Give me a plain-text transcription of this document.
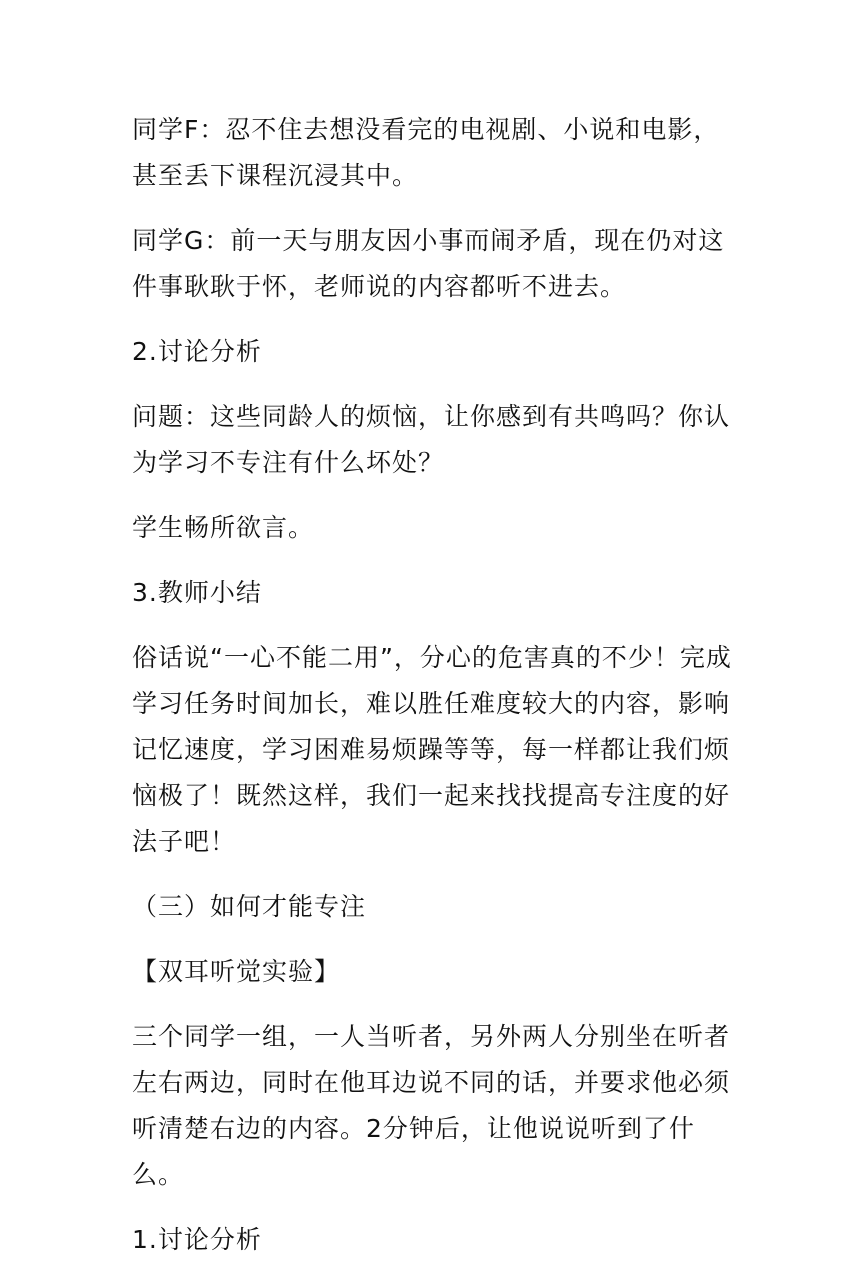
同学F：忍不住去想没看完的电视剧、小说和电影，甚至丢下课程沉浸其中。

同学G：前一天与朋友因小事而闹矛盾，现在仍对这件事耿耿于怀，老师说的内容都听不进去。

2.讨论分析

问题：这些同龄人的烦恼，让你感到有共鸣吗？你认为学习不专注有什么坏处？

学生畅所欲言。

3.教师小结

俗话说“一心不能二用”，分心的危害真的不少！完成学习任务时间加长，难以胜任难度较大的内容，影响记忆速度，学习困难易烦躁等等，每一样都让我们烦恼极了！既然这样，我们一起来找找提高专注度的好法子吧！

（三）如何才能专注

【双耳听觉实验】

三个同学一组，一人当听者，另外两人分别坐在听者左右两边，同时在他耳边说不同的话，并要求他必须听清楚右边的内容。2分钟后，让他说说听到了什么。

1.讨论分析
